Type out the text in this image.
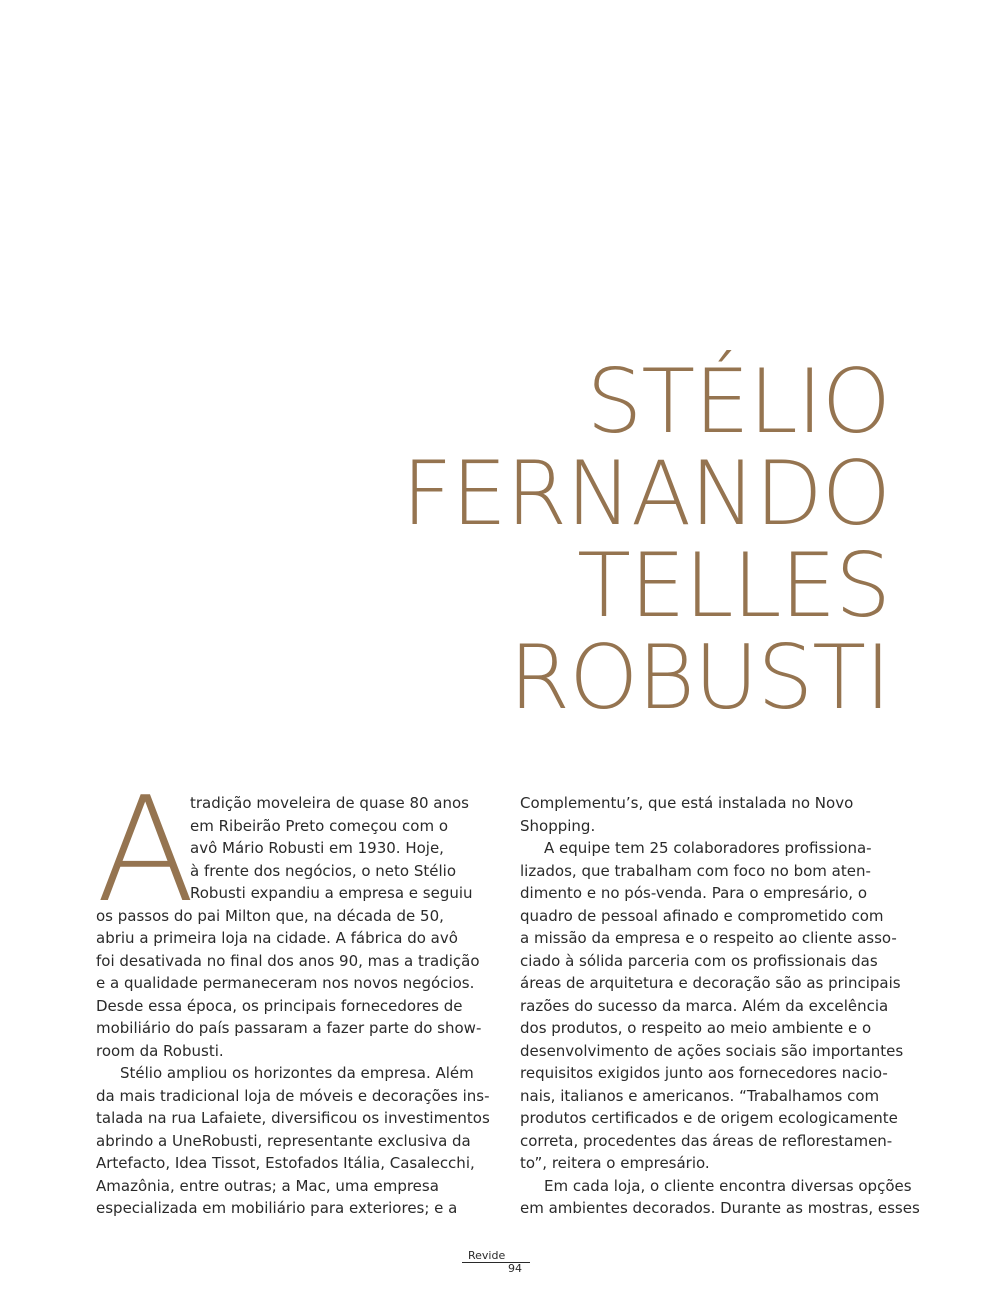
STÉLIO
FERNANDO
TELLES
ROBUSTI
A
tradição moveleira de quase 80 anos
em Ribeirão Preto começou com o
avô Mário Robusti em 1930. Hoje,
à frente dos negócios, o neto Stélio
Robusti expandiu a empresa e seguiu
os passos do pai Milton que, na década de 50,
abriu a primeira loja na cidade. A fábrica do avô
foi desativada no final dos anos 90, mas a tradição
e a qualidade permaneceram nos novos negócios.
Desde essa época, os principais fornecedores de
mobiliário do país passaram a fazer parte do show-
room da Robusti.
Stélio ampliou os horizontes da empresa. Além
da mais tradicional loja de móveis e decorações ins-
talada na rua Lafaiete, diversificou os investimentos
abrindo a UneRobusti, representante exclusiva da
Artefacto, Idea Tissot, Estofados Itália, Casalecchi,
Amazônia, entre outras; a Mac, uma empresa
especializada em mobiliário para exteriores; e a
Complementu’s, que está instalada no Novo
Shopping.
A equipe tem 25 colaboradores profissiona-
lizados, que trabalham com foco no bom aten-
dimento e no pós-venda. Para o empresário, o
quadro de pessoal afinado e comprometido com
a missão da empresa e o respeito ao cliente asso-
ciado à sólida parceria com os profissionais das
áreas de arquitetura e decoração são as principais
razões do sucesso da marca. Além da excelência
dos produtos, o respeito ao meio ambiente e o
desenvolvimento de ações sociais são importantes
requisitos exigidos junto aos fornecedores nacio-
nais, italianos e americanos. “Trabalhamos com
produtos certificados e de origem ecologicamente
correta, procedentes das áreas de reflorestamen-
to”, reitera o empresário.
Em cada loja, o cliente encontra diversas opções
em ambientes decorados. Durante as mostras, esses
Revide
94
